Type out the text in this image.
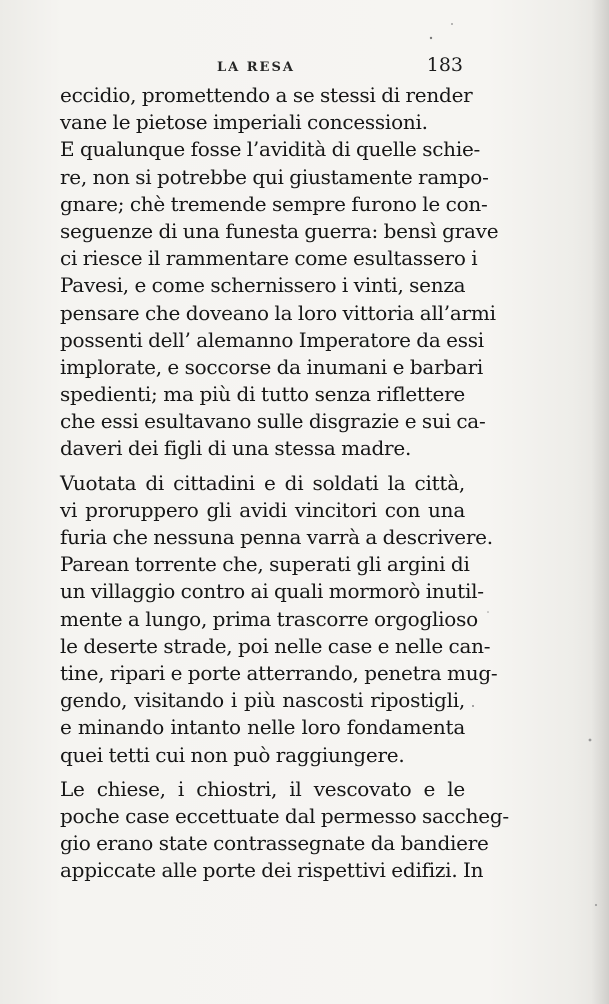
LA RESA	183
eccidio, promettendo a se stessi di render
vane le pietose imperiali concessioni.
E qualunque fosse l’avidità di quelle schie-
re, non si potrebbe qui giustamente rampo-
gnare; chè tremende sempre furono le con-
seguenze di una funesta guerra: bensì grave
ci riesce il rammentare come esultassero i
Pavesi, e come schernissero i vinti, senza
pensare che doveano la loro vittoria all’armi
possenti dell’ alemanno Imperatore da essi
implorate, e soccorse da inumani e barbari
spedienti; ma più di tutto senza riflettere
che essi esultavano sulle disgrazie e sui ca-
daveri dei figli di una stessa madre.
Vuotata di cittadini e di soldati la città,
vi proruppero gli avidi vincitori con una
furia che nessuna penna varrà a descrivere.
Parean torrente che, superati gli argini di
un villaggio contro ai quali mormorò inutil-
mente a lungo, prima trascorre orgoglioso
le deserte strade, poi nelle case e nelle can-
tine, ripari e porte atterrando, penetra mug-
gendo, visitando i più nascosti ripostigli,
e minando intanto nelle loro fondamenta
quei tetti cui non può raggiungere.
Le chiese, i chiostri, il vescovato e le
poche case eccettuate dal permesso saccheg-
gio erano state contrassegnate da bandiere
appiccate alle porte dei rispettivi edifizi. In
